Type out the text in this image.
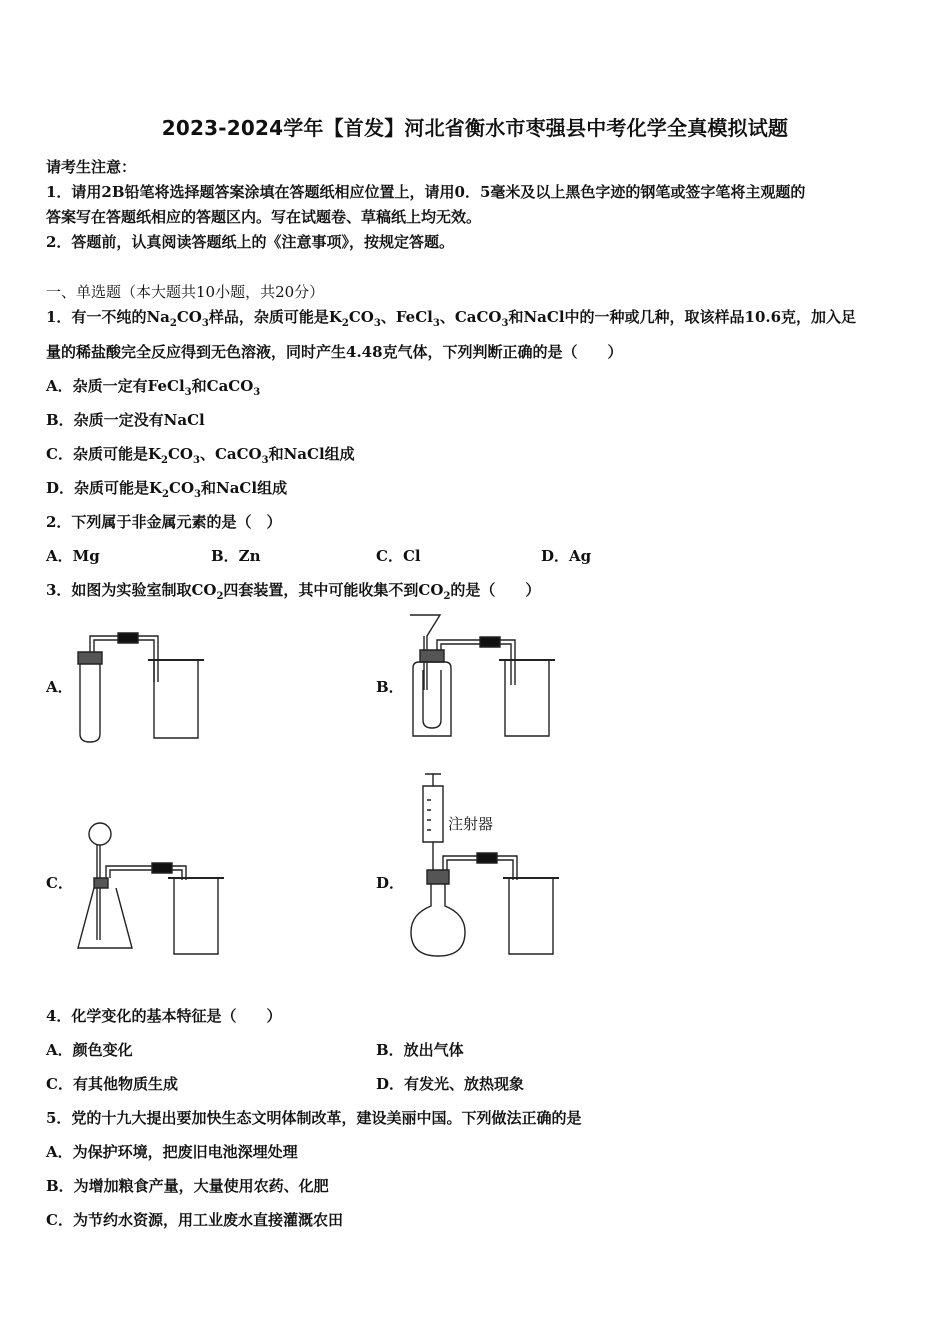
2023-2024学年【首发】河北省衡水市枣强县中考化学全真模拟试题
请考生注意：
1．请用2B铅笔将选择题答案涂填在答题纸相应位置上，请用0．5毫米及以上黑色字迹的钢笔或签字笔将主观题的
答案写在答题纸相应的答题区内。写在试题卷、草稿纸上均无效。
2．答题前，认真阅读答题纸上的《注意事项》，按规定答题。
一、单选题（本大题共10小题，共20分）
1．有一不纯的$Na_2CO_3$样品，杂质可能是$K_2CO_3$、FeCl$_3$、CaCO$_3$和NaCl中的一种或几种，取该样品10.6克，加入足
量的稀盐酸完全反应得到无色溶液，同时产生4.48克气体，下列判断正确的是（　　）
A．杂质一定有FeCl$_3$和CaCO$_3$
B．杂质一定没有NaCl
C．杂质可能是$K_2CO_3$、CaCO$_3$和NaCl组成
D．杂质可能是$K_2CO_3$和NaCl组成
2．下列属于非金属元素的是（　）
A．Mg	B．Zn	C．Cl	D．Ag
3．如图为实验室制取$CO_2$四套装置，其中可能收集不到$CO_2$的是（　　）
A．	B．
C．	D．
注射器
4．化学变化的基本特征是（　　）
A．颜色变化	B．放出气体
C．有其他物质生成	D．有发光、放热现象
5．党的十九大提出要加快生态文明体制改革，建设美丽中国。下列做法正确的是
A．为保护环境，把废旧电池深埋处理
B．为增加粮食产量，大量使用农药、化肥
C．为节约水资源，用工业废水直接灌溉农田
